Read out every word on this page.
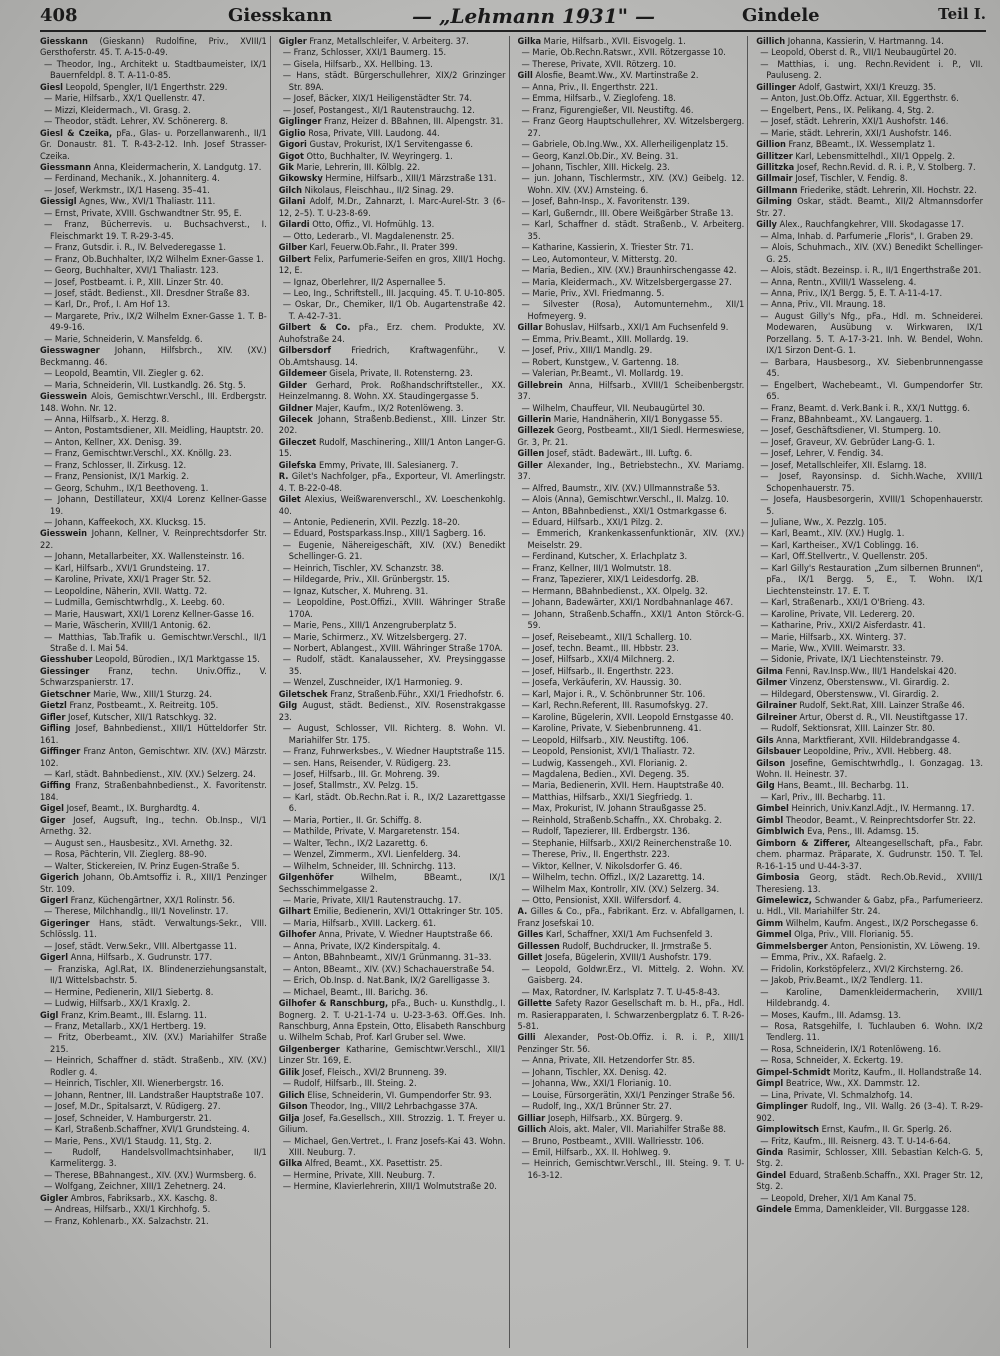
408	Giesskann	— „Lehmann 1931" —	Gindele	Teil I.

Giesskann (Gieskann) Rudolfine, Priv., XVIII/1 Gersthoferstr. 45. T. A-15-0-49.

— Theodor, Ing., Architekt u. Stadtbaumeister, IX/1 Bauernfeldpl. 8. T. A-11-0-85.

Giesl Leopold, Spengler, II/1 Engerthstr. 229.

— Marie, Hilfsarb., XX/1 Quellenstr. 47.

— Mizzi, Kleidermach., VI. Grasg. 2.

— Theodor, städt. Lehrer, XV. Schönererg. 8.

Giesl & Czeika, pFa., Glas- u. Porzellanwarenh., II/1 Gr. Donaustr. 81. T. R-43-2-12. Inh. Josef Strasser-Czeika.

Giessmann Anna, Kleidermacherin, X. Landgutg. 17.

— Ferdinand, Mechanik., X. Johanniterg. 4.

— Josef, Werkmstr., IX/1 Haseng. 35–41.

Giessigl Agnes, Ww., XVI/1 Thaliastr. 111.

— Ernst, Private, XVIII. Gschwandtner Str. 95, E.

— Franz, Bücherrevis. u. Buchsachverst., I. Fleischmarkt 19. T. R-29-3-45.

— Franz, Gutsdir. i. R., IV. Belvederegasse 1.

— Franz, Ob.Buchhalter, IX/2 Wilhelm Exner-Gasse 1.

— Georg, Buchhalter, XVI/1 Thaliastr. 123.

— Josef, Postbeamt. i. P., XIII. Linzer Str. 40.

— Josef, städt. Bedienst., XII. Dresdner Straße 83.

— Karl, Dr., Prof., I. Am Hof 13.

— Margarete, Priv., IX/2 Wilhelm Exner-Gasse 1. T. B-49-9-16.

— Marie, Schneiderin, V. Mansfeldg. 6.

Giesswagner Johann, Hilfsbrch., XIV. (XV.) Beckmanng. 46.

— Leopold, Beamtin, VII. Ziegler g. 62.

— Maria, Schneiderin, VII. Lustkandlg. 26. Stg. 5.

Giesswein Alois, Gemischtwr.Verschl., III. Erdbergstr. 148. Wohn. Nr. 12.

— Anna, Hilfsarb., X. Herzg. 8.

— Anton, Postamtsdiener, XII. Meidling, Hauptstr. 20.

— Anton, Kellner, XX. Denisg. 39.

— Franz, Gemischtwr.Verschl., XX. Knöllg. 23.

— Franz, Schlosser, II. Zirkusg. 12.

— Franz, Pensionist, IX/1 Markig. 2.

— Georg, Schuhm., IX/1 Beethoveng. 1.

— Johann, Destillateur, XXI/4 Lorenz Kellner-Gasse 19.

— Johann, Kaffeekoch, XX. Klucksg. 15.

Giesswein Johann, Kellner, V. Reinprechtsdorfer Str. 22.

— Johann, Metallarbeiter, XX. Wallensteinstr. 16.

— Karl, Hilfsarb., XVI/1 Grundsteing. 17.

— Karoline, Private, XXI/1 Prager Str. 52.

— Leopoldine, Näherin, XVII. Wattg. 72.

— Ludmilla, Gemischtwrhdlg., X. Leebg. 60.

— Marie, Hauswart, XXI/1 Lorenz Kellner-Gasse 16.

— Marie, Wäscherin, XVIII/1 Antonig. 62.

— Matthias, Tab.Trafik u. Gemischtwr.Verschl., II/1 Straße d. I. Mai 54.

Giesshuber Leopold, Bürodien., IX/1 Marktgasse 15.

Giessinger Franz, techn. Univ.Offiz., V. Schwarzspanierstr. 17.

Gietschner Marie, Ww., XIII/1 Sturzg. 24.

Gietzl Franz, Postbeamt., X. Reitreitg. 105.

Gifler Josef, Kutscher, XII/1 Ratschkyg. 32.

Gifling Josef, Bahnbedienst., XIII/1 Hütteldorfer Str. 161.

Giffinger Franz Anton, Gemischtwr. XIV. (XV.) Märzstr. 102.

— Karl, städt. Bahnbedienst., XIV. (XV.) Selzerg. 24.

Giffing Franz, Straßenbahnbedienst., X. Favoritenstr. 184.

Gigel Josef, Beamt., IX. Burghardtg. 4.

Giger Josef, Augsuft, Ing., techn. Ob.Insp., VI/1 Arnethg. 32.

— August sen., Hausbesitz., XVI. Arnethg. 32.

— Rosa, Pächterin, VII. Zieglerg. 88–90.

— Walter, Stickereien, IV. Prinz Eugen-Straße 5.

Gigerich Johann, Ob.Amtsoffiz i. R., XIII/1 Penzinger Str. 109.

Gigerl Franz, Küchengärtner, XX/1 Rolinstr. 56.

— Therese, Milchhandlg., III/1 Novelinstr. 17.

Gigeringer Hans, städt. Verwaltungs-Sekr., VIII. Schlösslg. 11.

— Josef, städt. Verw.Sekr., VIII. Albertgasse 11.

Gigerl Anna, Hilfsarb., X. Gudrunstr. 177.

— Franziska, Agl.Rat, IX. Blindenerziehungsanstalt, II/1 Wittelsbachstr. 5.

— Hermine, Pedienerin, XII/1 Siebertg. 8.

— Ludwig, Hilfsarb., XX/1 Kraxlg. 2.

Gigl Franz, Krim.Beamt., III. Eslarng. 11.

— Franz, Metallarb., XX/1 Hertberg. 19.

— Fritz, Oberbeamt., XIV. (XV.) Mariahilfer Straße 215.

— Heinrich, Schaffner d. städt. Straßenb., XIV. (XV.) Rodler g. 4.

— Heinrich, Tischler, XII. Wienerbergstr. 16.

— Johann, Rentner, III. Landstraßer Hauptstraße 107.

— Josef, M.Dr., Spitalsarzt, V. Rüdigerg. 27.

— Josef, Schneider, V. Hamburgerstr. 21.

— Karl, Straßenb.Schaffner, XVI/1 Grundsteing. 4.

— Marie, Pens., XVI/1 Staudg. 11, Stg. 2.

— Rudolf, Handelsvollmachtsinhaber, II/1 Karmelitergg. 3.

— Therese, BBahnangest., XIV. (XV.) Wurmsberg. 6.

— Wolfgang, Zeichner, XIII/1 Zehetnerg. 24.

Gigler Ambros, Fabriksarb., XX. Kaschg. 8.

— Andreas, Hilfsarb., XXI/1 Kirchhofg. 5.

— Franz, Kohlenarb., XX. Salzachstr. 21.

Gigler Franz, Metallschleifer, V. Arbeiterg. 37.

— Franz, Schlosser, XXI/1 Baumerg. 15.

— Gisela, Hilfsarb., XX. Hellbing. 13.

— Hans, städt. Bürgerschullehrer, XIX/2 Grinzinger Str. 89A.

— Josef, Bäcker, XIX/1 Heiligenstädter Str. 74.

— Josef, Postangest., XI/1 Rautenstrauchg. 12.

Giglinger Franz, Heizer d. BBahnen, III. Alpengstr. 31.

Giglio Rosa, Private, VIII. Laudong. 44.

Gigori Gustav, Prokurist, IX/1 Servitengasse 6.

Gigot Otto, Buchhalter, IV. Weyringerg. 1.

Gik Marie, Lehrerin, III. Kölblg. 22.

Gikowsky Hermine, Hilfsarb., XIII/1 Märzstraße 131.

Gilch Nikolaus, Fleischhau., II/2 Sinag. 29.

Gilani Adolf, M.Dr., Zahnarzt, I. Marc-Aurel-Str. 3 (6–12, 2–5). T. U-23-8-69.

Gilardi Otto, Offiz., VI. Hofmühlg. 13.

— Otto, Lederarb., VI. Magdalenenstr. 25.

Gilber Karl, Feuerw.Ob.Fahr., II. Prater 399.

Gilbert Felix, Parfumerie-Seifen en gros, XIII/1 Hochg. 12, E.

— Ignaz, Oberlehrer, II/2 Aspernallee 5.

— Leo, Ing., Schriftstell., III. Jacquing. 45. T. U-10-805.

— Oskar, Dr., Chemiker, II/1 Ob. Augartenstraße 42. T. A-42-7-31.

Gilbert & Co. pFa., Erz. chem. Produkte, XV. Auhofstraße 24.

Gilbersdorf Friedrich, Kraftwagenführ., V. Ob.Amtshausg. 14.

Gildemeer Gisela, Private, II. Rotensterng. 23.

Gilder Gerhard, Prok. Roßhandschriftsteller., XX. Heinzelmanng. 8. Wohn. XX. Staudingergasse 5.

Gildner Majer, Kaufm., IX/2 Rotenlöweng. 3.

Gilecek Johann, Straßenb.Bedienst., XIII. Linzer Str. 202.

Gileczet Rudolf, Maschinering., XIII/1 Anton Langer-G. 15.

Gilefska Emmy, Private, III. Salesianerg. 7.

R. Gilet's Nachfolger, pFa., Exporteur, VI. Amerlingstr. 4. T. B-22-0-48.

Gilet Alexius, Weißwarenverschl., XV. Loeschenkohlg. 40.

— Antonie, Pedienerin, XVII. Pezzlg. 18–20.

— Eduard, Postsparkass.Insp., XIII/1 Sagberg. 16.

— Eugenie, Nähereigeschäft, XIV. (XV.) Benedikt Schellinger-G. 21.

— Heinrich, Tischler, XV. Schanzstr. 38.

— Hildegarde, Priv., XII. Grünbergstr. 15.

— Ignaz, Kutscher, X. Muhreng. 31.

— Leopoldine, Post.Offizi., XVIII. Währinger Straße 170A.

— Marie, Pens., XIII/1 Anzengruberplatz 5.

— Marie, Schirmerz., XV. Witzelsbergerg. 27.

— Norbert, Ablangest., XVIII. Währinger Straße 170A.

— Rudolf, städt. Kanalausseher, XV. Preysinggasse 35.

— Wenzel, Zuschneider, IX/1 Harmonieg. 9.

Giletschek Franz, Straßenb.Führ., XXI/1 Friedhofstr. 6.

Gilg August, städt. Bedienst., XIV. Rosenstrakgasse 23.

— August, Schlosser, VII. Richterg. 8. Wohn. VI. Mariahilfer Str. 175.

— Franz, Fuhrwerksbes., V. Wiedner Hauptstraße 115.

— sen. Hans, Reisender, V. Rüdigerg. 23.

— Josef, Hilfsarb., III. Gr. Mohreng. 39.

— Josef, Stallmstr., XV. Pelzg. 15.

— Karl, städt. Ob.Rechn.Rat i. R., IX/2 Lazarettgasse 6.

— Maria, Portier., II. Gr. Schiffg. 8.

— Mathilde, Private, V. Margaretenstr. 154.

— Walter, Techn., IX/2 Lazarettg. 6.

— Wenzel, Zimmerm., XVI. Lienfelderg. 34.

— Wilhelm, Schneider, III. Schnirchg. 113.

Gilgenhöfer Wilhelm, BBeamt., IX/1 Sechsschimmelgasse 2.

— Marie, Private, XII/1 Rautenstrauchg. 17.

Gilhart Emilie, Bedienerin, XVI/1 Ottakringer Str. 105.

— Maria, Hilfsarb., XVIII. Lackerg. 61.

Gilhofer Anna, Private, V. Wiedner Hauptstraße 66.

— Anna, Private, IX/2 Kinderspitalg. 4.

— Anton, BBahnbeamt., XIV/1 Grünmanng. 31–33.

— Anton, BBeamt., XIV. (XV.) Schachauerstraße 54.

— Erich, Ob.Insp. d. Nat.Bank, IX/2 Garelligasse 3.

— Michael, Beamt., III. Barichg. 36.

Gilhofer & Ranschburg, pFa., Buch- u. Kunsthdlg., I. Bognerg. 2. T. U-21-1-74 u. U-23-3-63. Off.Ges. Inh. Ranschburg, Anna Epstein, Otto, Elisabeth Ranschburg u. Wilhelm Schab, Prof. Karl Gruber sel. Wwe.

Gilgenberger Katharine, Gemischtwr.Verschl., XII/1 Linzer Str. 169, E.

Gilik Josef, Fleisch., XVI/2 Brunneng. 39.

— Rudolf, Hilfsarb., III. Steing. 2.

Gilich Elise, Schneiderin, VI. Gumpendorfer Str. 93.

Gilson Theodor, Ing., VIII/2 Lehrbachgasse 37A.

Gilja Josef, Fa.Gesellsch., XIII. Strozzig. 1. T. Freyer u. Gilium.

— Michael, Gen.Vertret., I. Franz Josefs-Kai 43. Wohn. XIII. Neuburg. 7.

Gilka Alfred, Beamt., XX. Pasettistr. 25.

— Hermine, Private, XIII. Neuburg. 7.

— Hermine, Klavierlehrerin, XIII/1 Wolmutstraße 20.

Gilka Marie, Hilfsarb., XVII. Eisvogelg. 1.

— Marie, Ob.Rechn.Ratswr., XVII. Rötzergasse 10.

— Therese, Private, XVII. Rötzerg. 10.

Gill Alosfie, Beamt.Ww., XV. Martinstraße 2.

— Anna, Priv., II. Engerthstr. 221.

— Emma, Hilfsarb., V. Zieglofeng. 18.

— Franz, Figurengießer, VII. Neustiftg. 46.

— Franz Georg Hauptschullehrer, XV. Witzelsbergerg. 27.

— Gabriele, Ob.Ing.Ww., XX. Allerheiligenplatz 15.

— Georg, Kanzl.Ob.Dir., XV. Being. 31.

— Johann, Tischler, XIII. Hickelg. 23.

— jun. Johann, Tischlermstr., XIV. (XV.) Geibelg. 12. Wohn. XIV. (XV.) Arnsteing. 6.

— Josef, Bahn-Insp., X. Favoritenstr. 139.

— Karl, Gußerndr., III. Obere Weißgärber Straße 13.

— Karl, Schaffner d. städt. Straßenb., V. Arbeiterg. 35.

— Katharine, Kassierin, X. Triester Str. 71.

— Leo, Automonteur, V. Mitterstg. 20.

— Maria, Bedien., XIV. (XV.) Braunhirschengasse 42.

— Maria, Kleidermach., XV. Witzelsbergergasse 27.

— Marie, Priv., XVI. Friedmanng. 5.

— Silvester (Rosa), Automunternehm., XII/1 Hofmeyerg. 9.

Gillar Bohuslav, Hilfsarb., XXI/1 Am Fuchsenfeld 9.

— Emma, Priv.Beamt., XIII. Mollardg. 19.

— Josef, Priv., XIII/1 Mandlg. 29.

— Robert, Kunstgew., V. Gartenng. 18.

— Valerian, Pr.Beamt., VI. Mollardg. 19.

Gillebrein Anna, Hilfsarb., XVIII/1 Scheibenbergstr. 37.

— Wilhelm, Chauffeur, VII. Neubaugürtel 30.

Gillerin Marie, Handnäherin, XII/1 Bonygasse 55.

Gillezek Georg, Postbeamt., XII/1 Siedl. Hermeswiese, Gr. 3, Pr. 21.

Gillen Josef, städt. Badewärt., III. Luftg. 6.

Giller Alexander, Ing., Betriebstechn., XV. Mariamg. 37.

— Alfred, Baumstr., XIV. (XV.) Ullmannstraße 53.

— Alois (Anna), Gemischtwr.Verschl., II. Malzg. 10.

— Anton, BBahnbedienst., XXI/1 Ostmarkgasse 6.

— Eduard, Hilfsarb., XXI/1 Pilzg. 2.

— Emmerich, Krankenkassenfunktionär, XIV. (XV.) Meiselstr. 29.

— Ferdinand, Kutscher, X. Erlachplatz 3.

— Franz, Kellner, III/1 Wolmutstr. 18.

— Franz, Tapezierer, XIX/1 Leidesdorfg. 2B.

— Hermann, BBahnbedienst., XX. Olpelg. 32.

— Johann, Badewärter, XXI/1 Nordbahnanlage 467.

— Johann, Straßenb.Schaffn., XXI/1 Anton Störck-G. 59.

— Josef, Reisebeamt., XII/1 Schallerg. 10.

— Josef, techn. Beamt., III. Hbbstr. 23.

— Josef, Hilfsarb., XXI/4 Milchnerg. 2.

— Josef, Hilfsarb., II. Engerthstr. 223.

— Josefa, Verkäuferin, XV. Haussig. 30.

— Karl, Major i. R., V. Schönbrunner Str. 106.

— Karl, Rechn.Referent, III. Rasumofskyg. 27.

— Karoline, Bügelerin, XVII. Leopold Ernstgasse 40.

— Karoline, Private, V. Siebenbrunneng. 41.

— Leopold, Hilfsarb., XIV. Neustiftg. 106.

— Leopold, Pensionist, XVI/1 Thaliastr. 72.

— Ludwig, Kassengeh., XVI. Florianig. 2.

— Magdalena, Bedien., XVI. Degeng. 35.

— Maria, Bedienerin, XVII. Hern. Hauptstraße 40.

— Matthias, Hilfsarb., XXI/1 Siegfriedg. 1.

— Max, Prokurist, IV. Johann Straußgasse 25.

— Reinhold, Straßenb.Schaffn., XX. Chrobakg. 2.

— Rudolf, Tapezierer, III. Erdbergstr. 136.

— Stephanie, Hilfsarb., XXI/2 Reinerchenstraße 10.

— Therese, Priv., II. Engerthstr. 223.

— Viktor, Kellner, V. Nikolsdorfer G. 46.

— Wilhelm, techn. Offizl., IX/2 Lazarettg. 14.

— Wilhelm Max, Kontrollr, XIV. (XV.) Selzerg. 34.

— Otto, Pensionist, XXII. Wilfersdorf. 4.

A. Gilles & Co., pFa., Fabrikant. Erz. v. Abfallgarnen, I. Franz Josefskai 10.

Gilles Karl, Schaffner, XXI/1 Am Fuchsenfeld 3.

Gillessen Rudolf, Buchdrucker, II. Jrmstraße 5.

Gillet Josefa, Bügelerin, XVIII/1 Aushofstr. 179.

— Leopold, Goldwr.Erz., VI. Mittelg. 2. Wohn. XV. Gaisberg. 24.

— Max, Ratordner, IV. Karlsplatz 7. T. U-45-8-43.

Gillette Safety Razor Gesellschaft m. b. H., pFa., Hdl. m. Rasierapparaten, I. Schwarzenbergplatz 6. T. R-26-5-81.

Gilli Alexander, Post-Ob.Offiz. i. R. i. P., XIII/1 Penzinger Str. 56.

— Anna, Private, XII. Hetzendorfer Str. 85.

— Johann, Tischler, XX. Denisg. 42.

— Johanna, Ww., XXI/1 Florianig. 10.

— Louise, Fürsorgerätin, XXI/1 Penzinger Straße 56.

— Rudolf, Ing., XX/1 Brünner Str. 27.

Gilliar Joseph, Hilfsarb., XX. Bürgerg. 9.

Gillich Alois, akt. Maler, VII. Mariahilfer Straße 88.

— Bruno, Postbeamt., XVIII. Wallriesstr. 106.

— Emil, Hilfsarb., XX. II. Hohlweg. 9.

— Heinrich, Gemischtwr.Verschl., III. Steing. 9. T. U-16-3-12.

Gillich Johanna, Kassierin, V. Hartmanng. 14.

— Leopold, Oberst d. R., VII/1 Neubaugürtel 20.

— Matthias, i. ung. Rechn.Revident i. P., VII. Pauluseng. 2.

Gillinger Adolf, Gastwirt, XXI/1 Kreuzg. 35.

— Anton, Just.Ob.Offz. Actuar, XII. Eggerthstr. 6.

— Engelbert, Pens., IX. Pelikang. 4, Stg. 2.

— Josef, städt. Lehrerin, XXI/1 Aushofstr. 146.

— Marie, städt. Lehrerin, XXI/1 Aushofstr. 146.

Gillion Franz, BBeamt., IX. Wessemplatz 1.

Gillitzer Karl, Lebensmittelhdl., XII/1 Oppelg. 2.

Gillitzka Josef, Rechn.Revid. d. R. i. P., V. Stolberg. 7.

Gillmair Josef, Tischler, V. Fendig. 8.

Gillmann Friederike, städt. Lehrerin, XII. Hochstr. 22.

Gilming Oskar, städt. Beamt., XII/2 Altmannsdorfer Str. 27.

Gilly Alex., Rauchfangkehrer, VIII. Skodagasse 17.

— Alma, Inhab. d. Parfumerie „Floris", I. Graben 29.

— Alois, Schuhmach., XIV. (XV.) Benedikt Schellinger-G. 25.

— Alois, städt. Bezeinsp. i. R., II/1 Engerthstraße 201.

— Anna, Rentn., XVIII/1 Wasseleng. 4.

— Anna, Priv., IX/1 Bergg. 5, E. T. A-11-4-17.

— Anna, Priv., VII. Mraung. 18.

— August Gilly's Nfg., pFa., Hdl. m. Schneiderei. Modewaren, Ausübung v. Wirkwaren, IX/1 Porzellang. 5. T. A-17-3-21. Inh. W. Bendel, Wohn. IX/1 Sirzon Dent-G. 1.

— Barbara, Hausbesorg., XV. Siebenbrunnengasse 45.

— Engelbert, Wachebeamt., VI. Gumpendorfer Str. 65.

— Franz, Beamt. d. Verk.Bank i. R., XX/1 Nuttgg. 6.

— Franz, BBahnbeamt., XV. Langauerg. 1.

— Josef, Geschäftsdiener, VI. Stumperg. 10.

— Josef, Graveur, XV. Gebrüder Lang-G. 1.

— Josef, Lehrer, V. Fendig. 34.

— Josef, Metallschleifer, XII. Eslarng. 18.

— Josef, Rayonsinsp. d. Sichh.Wache, XVIII/1 Schopenhauerstr. 75.

— Josefa, Hausbesorgerin, XVIII/1 Schopenhauerstr. 5.

— Juliane, Ww., X. Pezzlg. 105.

— Karl, Beamt., XIV. (XV.) Huglg. 1.

— Karl, Kartheiser., XV/1 Coblingg. 16.

— Karl, Off.Stellvertr., V. Quellenstr. 205.

— Karl Gilly's Restauration „Zum silbernen Brunnen", pFa., IX/1 Bergg. 5, E., T. Wohn. IX/1 Liechtensteinstr. 17. E. T.

— Karl, Straßenarb., XXI/1 O'Brieng. 43.

— Karoline, Private, VII. Ledererg. 20.

— Katharine, Priv., XXI/2 Aisferdastr. 41.

— Marie, Hilfsarb., XX. Winterg. 37.

— Marie, Ww., XVIII. Weimarstr. 33.

— Sidonie, Private, IX/1 Liechtensteinstr. 79.

Gilma Fenni, Rav.Insp.Ww., III/1 Handelskai 420.

Gilmer Vinzenz, Oberstensww., VI. Girardig. 2.

— Hildegard, Oberstensww., VI. Girardig. 2.

Gilrainer Rudolf, Sekt.Rat, XIII. Lainzer Straße 46.

Gilreiner Artur, Oberst d. R., VII. Neustiftgasse 17.

— Rudolf, Sektionsrat, XIII. Lainzer Str. 80.

Gils Anna, Marktfierant, XVII. Hildebrandgasse 4.

Gilsbauer Leopoldine, Priv., XVII. Hebberg. 48.

Gilson Josefine, Gemischtwrhdlg., I. Gonzagag. 13. Wohn. II. Heinestr. 37.

Gilg Hans, Beamt., III. Becharbg. 11.

— Karl, Priv., III. Becharbg. 11.

Gimbel Heinrich, Univ.Kanzl.Adjt., IV. Hermanng. 17.

Gimbl Theodor, Beamt., V. Reinprechtsdorfer Str. 22.

Gimblwich Eva, Pens., III. Adamsg. 15.

Gimborn & Zifferer, Alteangesellschaft, pFa., Fabr. chem. pharmaz. Präparate, X. Gudrunstr. 150. T. Tel. R-16-1-15 und U-44-3-37.

Gimbosia Georg, städt. Rech.Ob.Revid., XVIII/1 Theresieng. 13.

Gimelewicz, Schwander & Gabz, pFa., Parfumerieerz. u. Hdl., VII. Mariahilfer Str. 24.

Gimm Wilhelm, Kaufm. Angest., IX/2 Porschegasse 6.

Gimmel Olga, Priv., VIII. Florianig. 55.

Gimmelsberger Anton, Pensionistin, XV. Löweng. 19.

— Emma, Priv., XX. Rafaelg. 2.

— Fridolin, Korkstöpfelerz., XVI/2 Kirchsterng. 26.

— Jakob, Priv.Beamt., IX/2 Tendlerg. 11.

— Karoline, Damenkleidermacherin, XVIII/1 Hildebrandg. 4.

— Moses, Kaufm., III. Adamsg. 13.

— Rosa, Ratsgehilfe, I. Tuchlauben 6. Wohn. IX/2 Tendlerg. 11.

— Rosa, Schneiderin, IX/1 Rotenlöweng. 16.

— Rosa, Schneider, X. Eckertg. 19.

Gimpel-Schmidt Moritz, Kaufm., II. Hollandstraße 14.

Gimpl Beatrice, Ww., XX. Dammstr. 12.

— Lina, Private, VI. Schmalzhofg. 14.

Gimplinger Rudolf, Ing., VII. Wallg. 26 (3–4). T. R-29-902.

Gimplowitsch Ernst, Kaufm., II. Gr. Sperlg. 26.

— Fritz, Kaufm., III. Reisnerg. 43. T. U-14-6-64.

Ginda Rasimir, Schlosser, XIII. Sebastian Kelch-G. 5, Stg. 2.

Gindel Eduard, Straßenb.Schaffn., XXI. Prager Str. 12, Stg. 2.

— Leopold, Dreher, XI/1 Am Kanal 75.

Gindele Emma, Damenkleider, VII. Burggasse 128.
